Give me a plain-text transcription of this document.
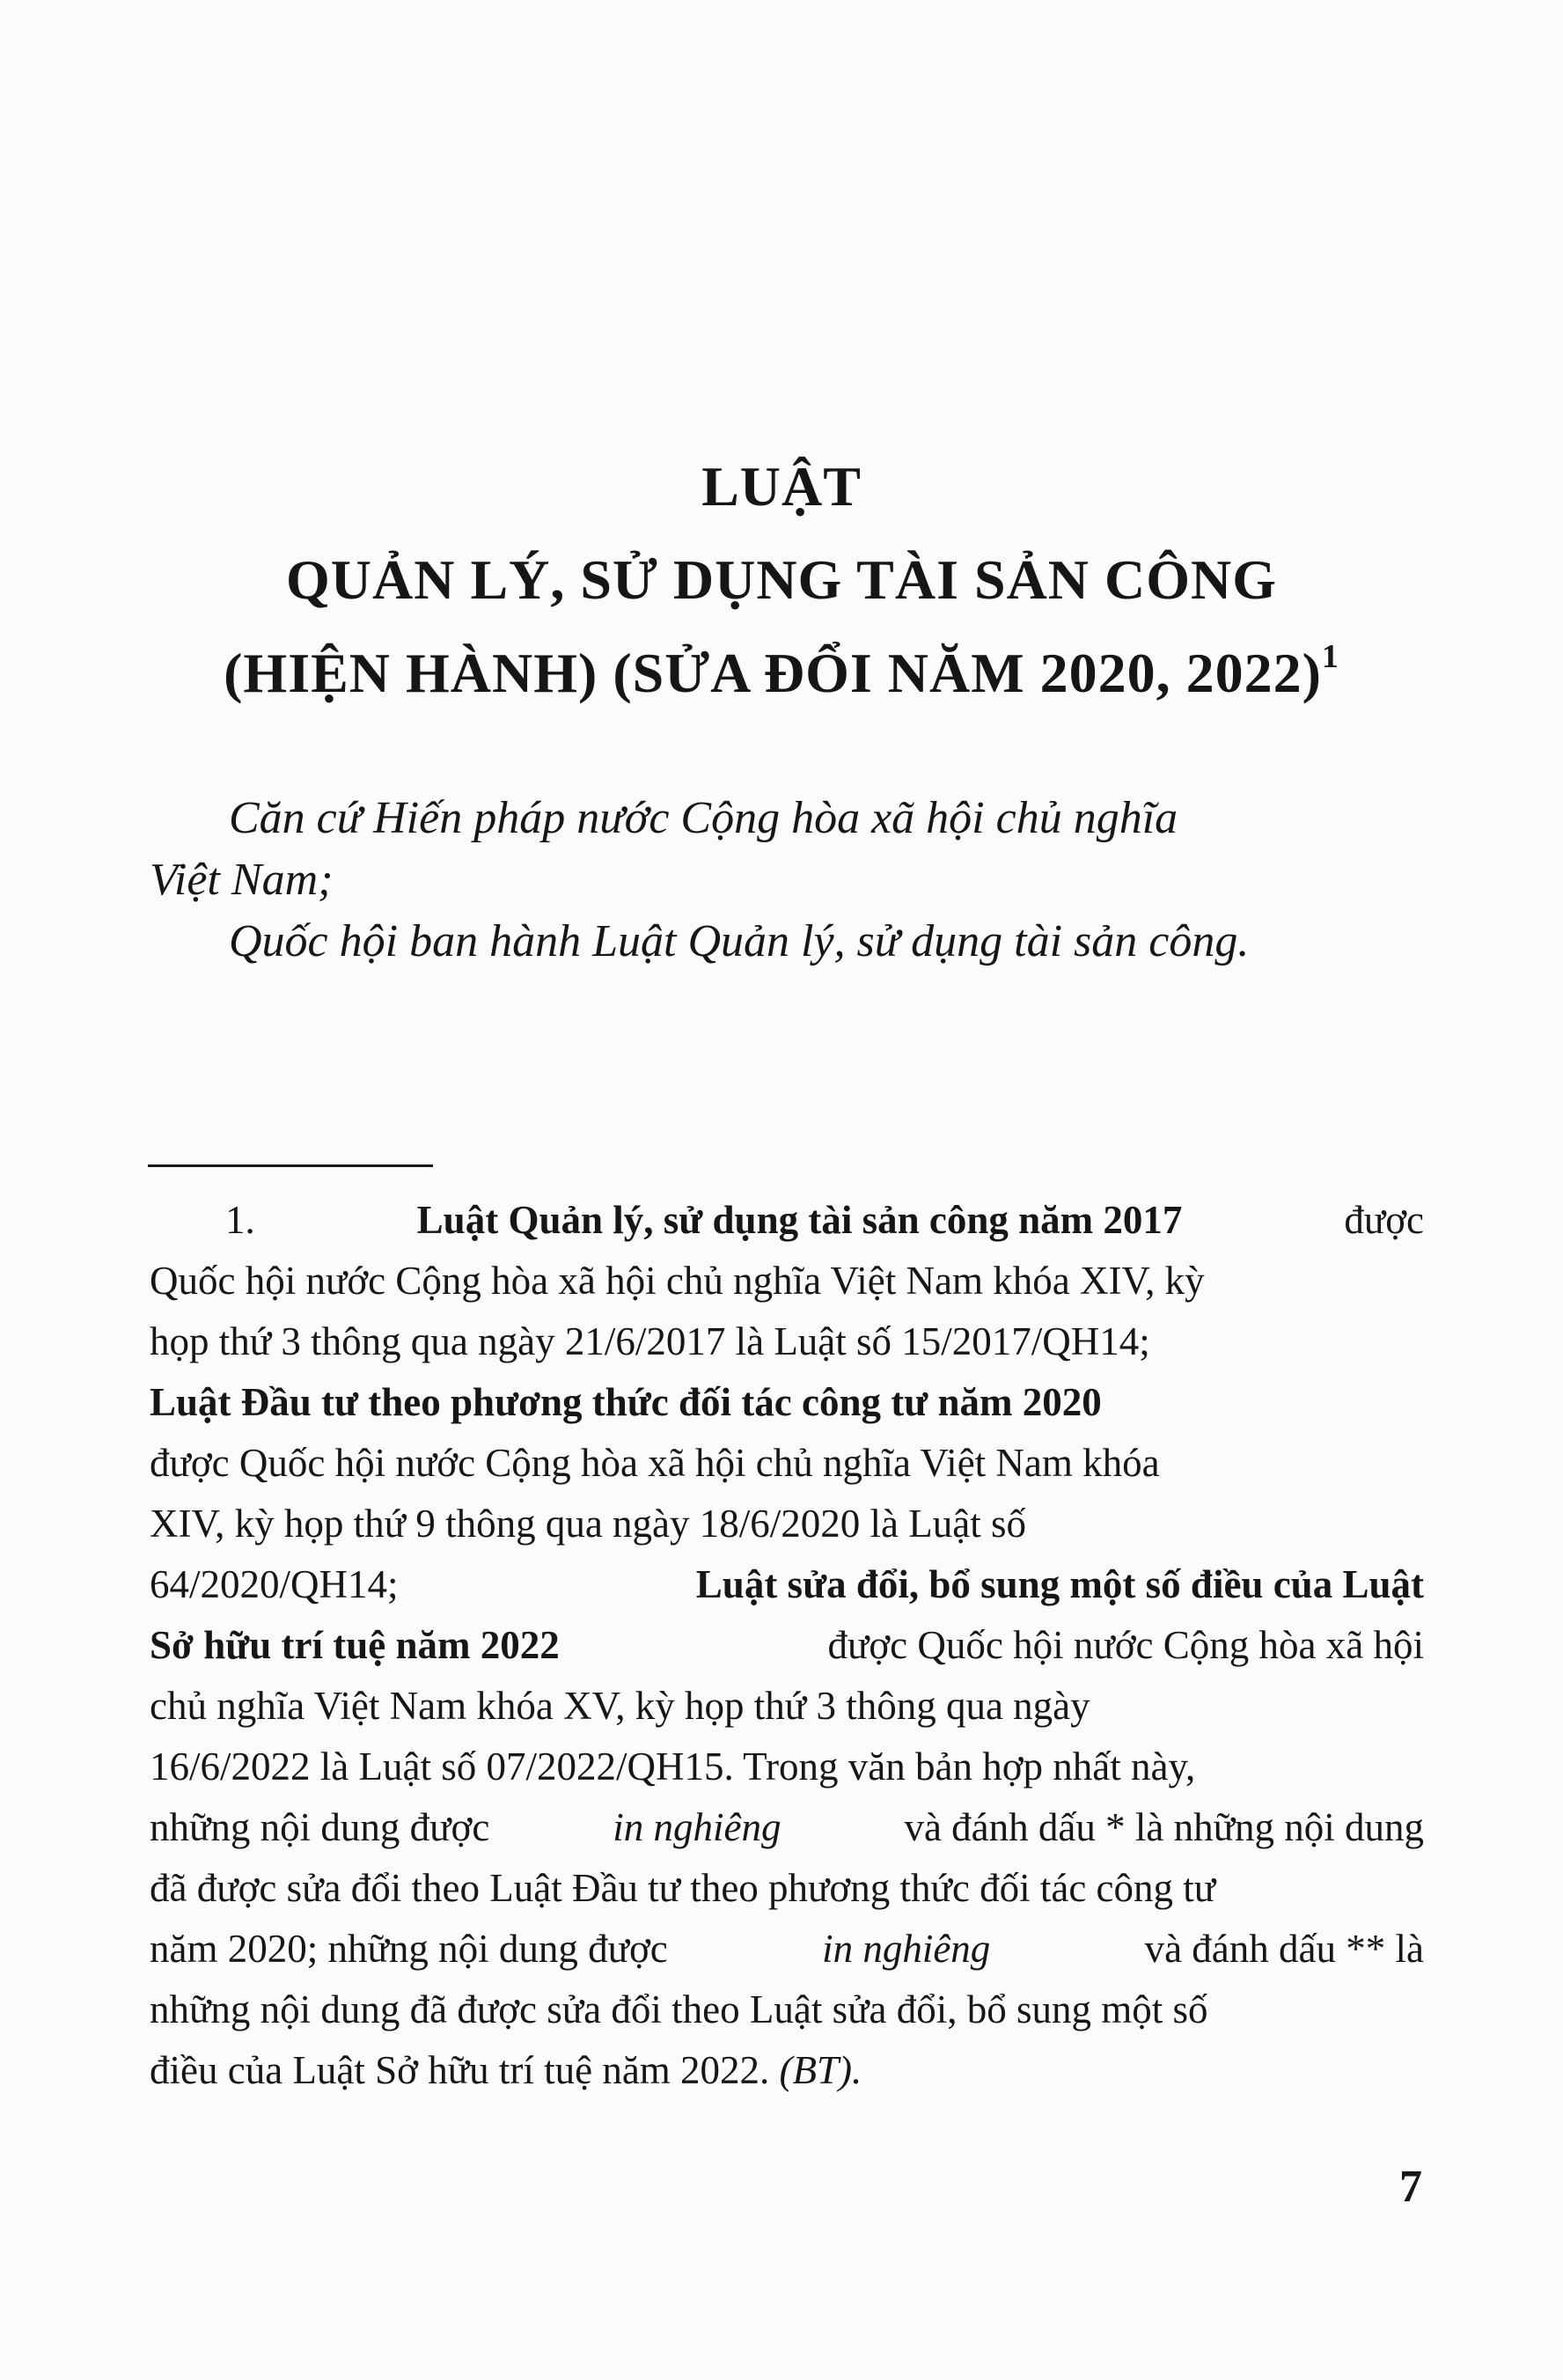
LUẬT
QUẢN LÝ, SỬ DỤNG TÀI SẢN CÔNG
(HIỆN HÀNH) (SỬA ĐỔI NĂM 2020, 2022)$^1$
Căn cứ Hiến pháp nước Cộng hòa xã hội chủ nghĩa
Việt Nam;
Quốc hội ban hành Luật Quản lý, sử dụng tài sản công.
1.	Luật Quản lý, sử dụng tài sản công năm 2017	được
Quốc hội nước Cộng hòa xã hội chủ nghĩa Việt Nam khóa XIV, kỳ
họp thứ 3 thông qua ngày 21/6/2017 là Luật số 15/2017/QH14;
Luật Đầu tư theo phương thức đối tác công tư năm 2020
được Quốc hội nước Cộng hòa xã hội chủ nghĩa Việt Nam khóa
XIV, kỳ họp thứ 9 thông qua ngày 18/6/2020 là Luật số
64/2020/QH14;	Luật sửa đổi, bổ sung một số điều của Luật
Sở hữu trí tuệ năm 2022	được Quốc hội nước Cộng hòa xã hội
chủ nghĩa Việt Nam khóa XV, kỳ họp thứ 3 thông qua ngày
16/6/2022 là Luật số 07/2022/QH15. Trong văn bản hợp nhất này,
những nội dung được	in nghiêng	và đánh dấu * là những nội dung
đã được sửa đổi theo Luật Đầu tư theo phương thức đối tác công tư
năm 2020; những nội dung được	in nghiêng	và đánh dấu ** là
những nội dung đã được sửa đổi theo Luật sửa đổi, bổ sung một số
điều của Luật Sở hữu trí tuệ năm 2022.
(BT).
7
